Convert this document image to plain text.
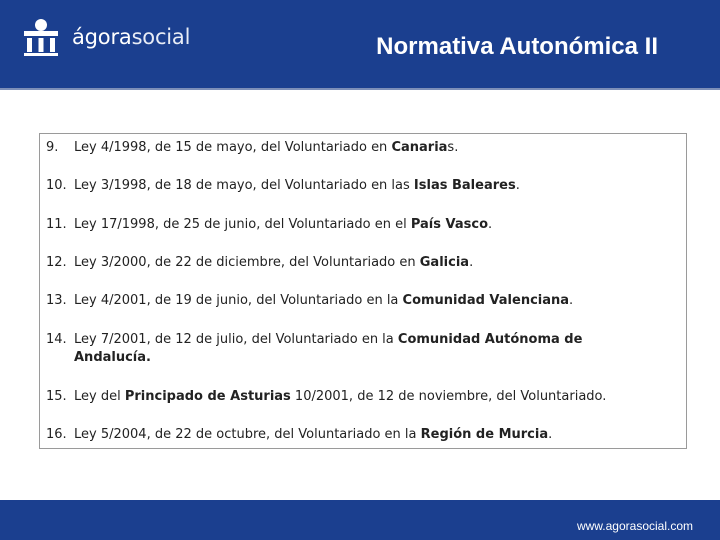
ágorasocial	Normativa Autonómica II
9. Ley 4/1998, de 15 de mayo, del Voluntariado en Canarias.
10. Ley 3/1998, de 18 de mayo, del Voluntariado en las Islas Baleares.
11. Ley 17/1998, de 25 de junio, del Voluntariado en el País Vasco.
12. Ley 3/2000, de 22 de diciembre, del Voluntariado en Galicia.
13. Ley 4/2001, de 19 de junio, del Voluntariado en la Comunidad Valenciana.
14. Ley 7/2001, de 12 de julio, del Voluntariado en la Comunidad Autónoma de
Andalucía.
15. Ley del Principado de Asturias 10/2001, de 12 de noviembre, del Voluntariado.
16. Ley 5/2004, de 22 de octubre, del Voluntariado en la Región de Murcia.
www.agorasocial.com
